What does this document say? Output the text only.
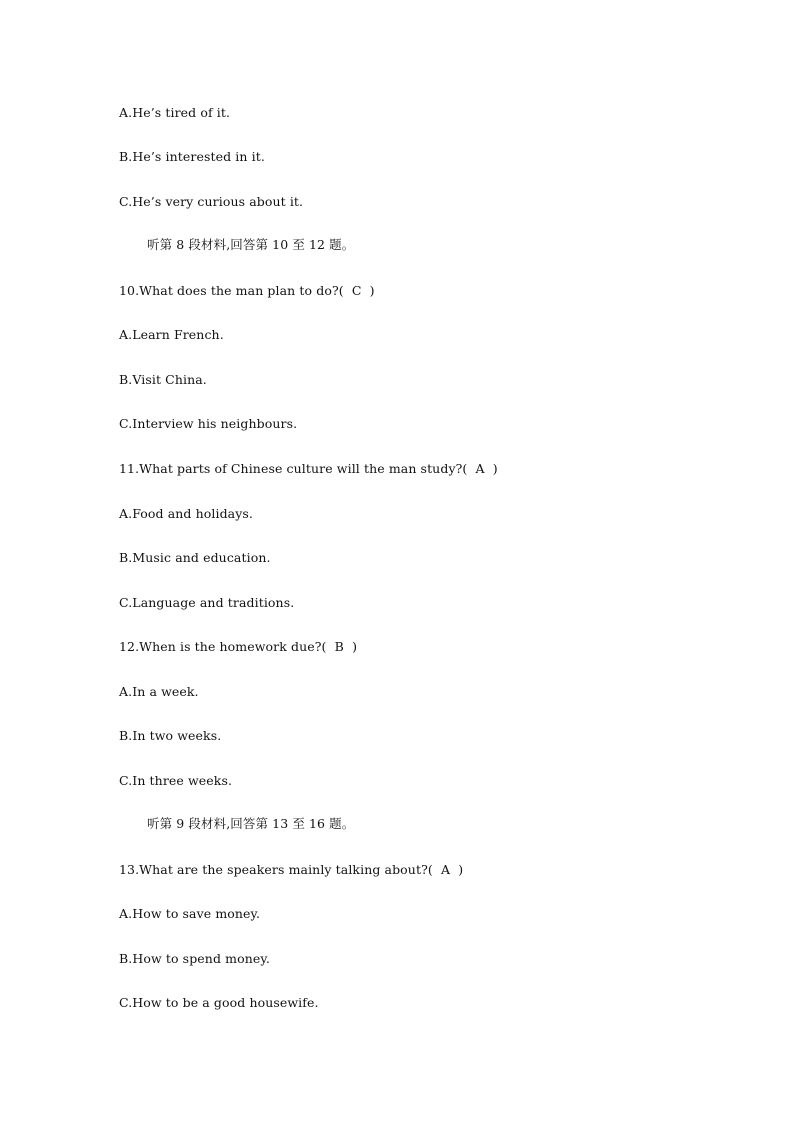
A.He’s tired of it.
B.He’s interested in it.
C.He’s very curious about it.
听第 8 段材料,回答第 10 至 12 题。
10.What does the man plan to do?(  C  )
A.Learn French.
B.Visit China.
C.Interview his neighbours.
11.What parts of Chinese culture will the man study?(  A  )
A.Food and holidays.
B.Music and education.
C.Language and traditions.
12.When is the homework due?(  B  )
A.In a week.
B.In two weeks.
C.In three weeks.
听第 9 段材料,回答第 13 至 16 题。
13.What are the speakers mainly talking about?(  A  )
A.How to save money.
B.How to spend money.
C.How to be a good housewife.
